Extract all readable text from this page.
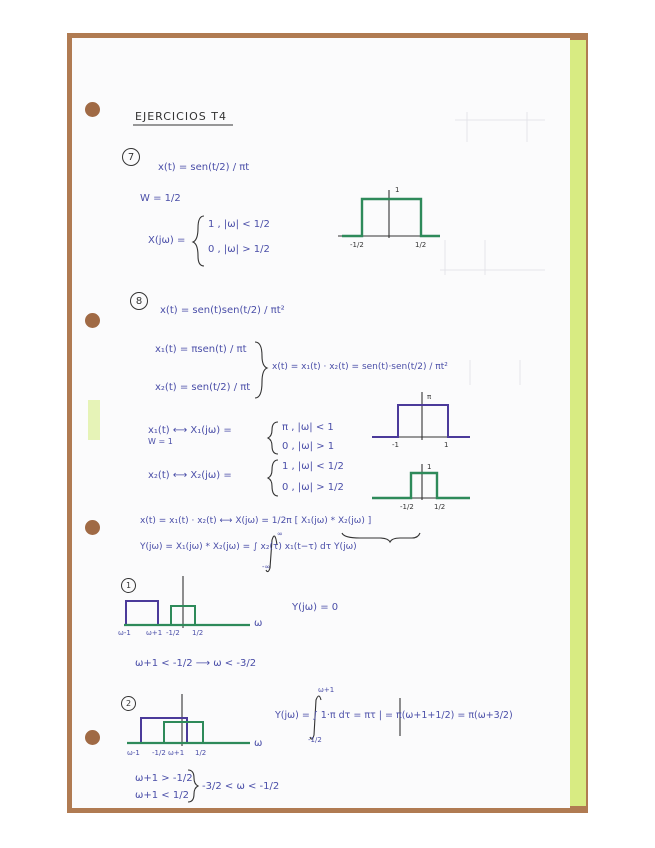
EJERCICIOS T4
7
x(t) = sen(t/2) / πt
W = 1/2
X(jω) =
1 , |ω| < 1/2
0 , |ω| > 1/2
1
-1/2	1/2
8
x(t) = sen(t)sen(t/2) / πt²
x₁(t) = πsen(t) / πt
x₂(t) = sen(t/2) / πt
x(t) = x₁(t) · x₂(t) = sen(t)·sen(t/2) / πt²
x₁(t) ⟷ X₁(jω) =
W = 1
π , |ω| < 1
0 , |ω| > 1
π
-1	1
x₂(t) ⟷ X₂(jω) =
1 , |ω| < 1/2
0 , |ω| > 1/2
1
-1/2	1/2
x(t) = x₁(t) · x₂(t) ⟷ X(jω) = 1/2π [ X₁(jω) * X₂(jω) ]
Y(jω) = X₁(jω) * X₂(jω) = ∫ x₂(τ) x₁(t−τ) dτ Y(jω)
∞
-∞
1
ω
ω-1 ω+1 -1/2 1/2
Y(jω) = 0
ω+1 < -1/2 ⟶ ω < -3/2
2
ω
ω-1 -1/2 ω+1 1/2
Y(jω) = ∫ 1·π dτ = πτ | = π(ω+1+1/2) = π(ω+3/2)
ω+1
-1/2
ω+1 > -1/2
ω+1 < 1/2
-3/2 < ω < -1/2
